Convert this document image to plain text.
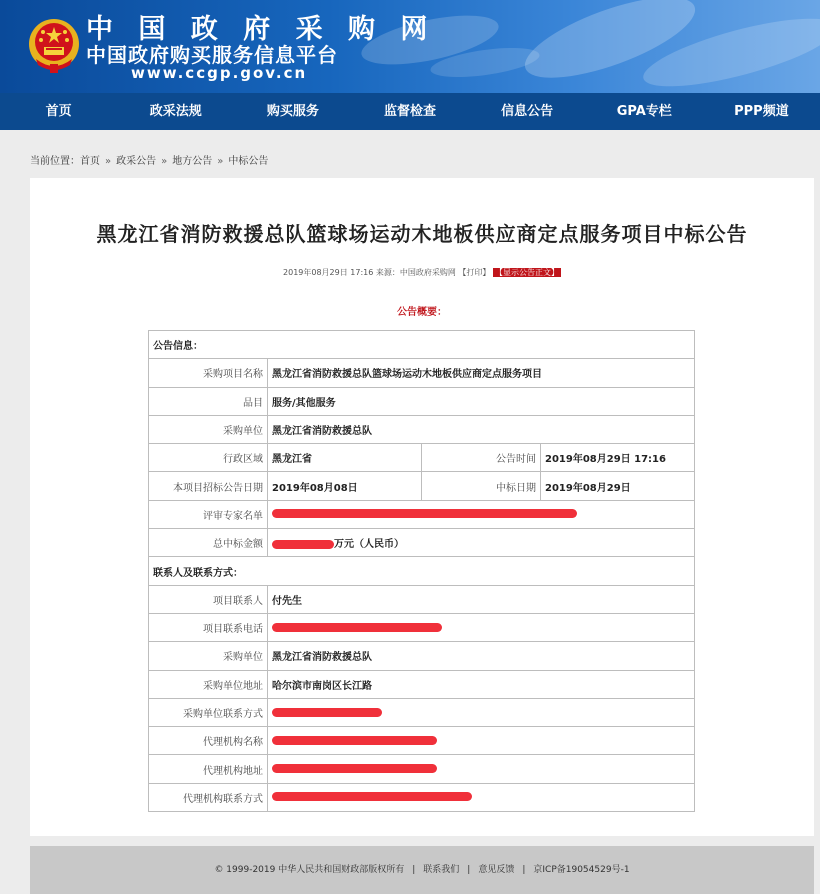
中 国 政 府 采 购 网
中国政府购买服务信息平台
www.ccgp.gov.cn
首页	政采法规	购买服务	监督检查	信息公告	GPA专栏	PPP频道
当前位置：首页 » 政采公告 » 地方公告 » 中标公告
黑龙江省消防救援总队篮球场运动木地板供应商定点服务项目中标公告
2019年08月29日 17:16 来源：中国政府采购网 【打印】 【显示公告正文】
公告概要：
公告信息：			
采购项目名称	黑龙江省消防救援总队篮球场运动木地板供应商定点服务项目		
品目	服务/其他服务		
采购单位	黑龙江省消防救援总队		
行政区域	黑龙江省	公告时间	2019年08月29日 17:16
本项目招标公告日期	2019年08月08日	中标日期	2019年08月29日
评审专家名单			
总中标金额	万元（人民币）		
联系人及联系方式：			
项目联系人	付先生		
项目联系电话			
采购单位	黑龙江省消防救援总队		
采购单位地址	哈尔滨市南岗区长江路		
采购单位联系方式			
代理机构名称			
代理机构地址			
代理机构联系方式			
© 1999-2019 中华人民共和国财政部版权所有 | 联系我们 | 意见反馈 | 京ICP备19054529号-1
